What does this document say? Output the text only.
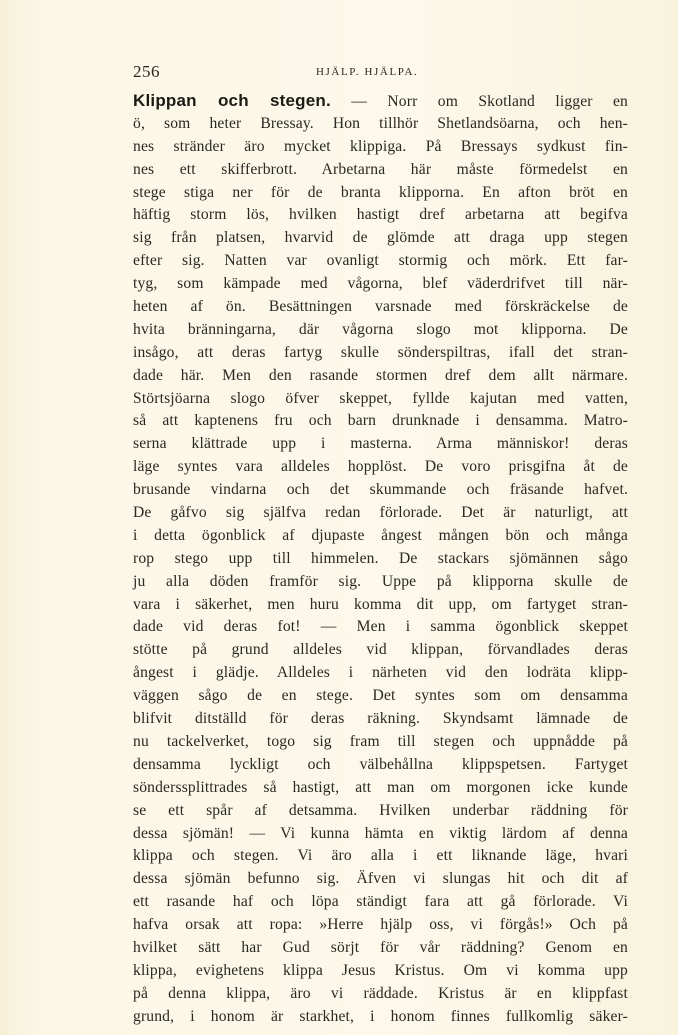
256	HJÄLP. HJÄLPA.
Klippan och stegen. — Norr om Skotland ligger en
ö, som heter Bressay. Hon tillhör Shetlandsöarna, och hen-
nes stränder äro mycket klippiga. På Bressays sydkust fin-
nes ett skifferbrott. Arbetarna här måste förmedelst en
stege stiga ner för de branta klipporna. En afton bröt en
häftig storm lös, hvilken hastigt dref arbetarna att begifva
sig från platsen, hvarvid de glömde att draga upp stegen
efter sig. Natten var ovanligt stormig och mörk. Ett far-
tyg, som kämpade med vågorna, blef väderdrifvet till när-
heten af ön. Besättningen varsnade med förskräckelse de
hvita bränningarna, där vågorna slogo mot klipporna. De
insågo, att deras fartyg skulle sönderspiltras, ifall det stran-
dade här. Men den rasande stormen dref dem allt närmare.
Störtsjöarna slogo öfver skeppet, fyllde kajutan med vatten,
så att kaptenens fru och barn drunknade i densamma. Matro-
serna klättrade upp i masterna. Arma människor! deras
läge syntes vara alldeles hopplöst. De voro prisgifna åt de
brusande vindarna och det skummande och fräsande hafvet.
De gåfvo sig själfva redan förlorade. Det är naturligt, att
i detta ögonblick af djupaste ångest mången bön och många
rop stego upp till himmelen. De stackars sjömännen sågo
ju alla döden framför sig. Uppe på klipporna skulle de
vara i säkerhet, men huru komma dit upp, om fartyget stran-
dade vid deras fot! — Men i samma ögonblick skeppet
stötte på grund alldeles vid klippan, förvandlades deras
ångest i glädje. Alldeles i närheten vid den lodräta klipp-
väggen sågo de en stege. Det syntes som om densamma
blifvit ditställd för deras räkning. Skyndsamt lämnade de
nu tackelverket, togo sig fram till stegen och uppnådde på
densamma lyckligt och välbehållna klippspetsen. Fartyget
sönderssplittrades så hastigt, att man om morgonen icke kunde
se ett spår af detsamma. Hvilken underbar räddning för
dessa sjömän! — Vi kunna hämta en viktig lärdom af denna
klippa och stegen. Vi äro alla i ett liknande läge, hvari
dessa sjömän befunno sig. Äfven vi slungas hit och dit af
ett rasande haf och löpa ständigt fara att gå förlorade. Vi
hafva orsak att ropa: »Herre hjälp oss, vi förgås!» Och på
hvilket sätt har Gud sörjt för vår räddning? Genom en
klippa, evighetens klippa Jesus Kristus. Om vi komma upp
på denna klippa, äro vi räddade. Kristus är en klippfast
grund, i honom är starkhet, i honom finnes fullkomlig säker-
